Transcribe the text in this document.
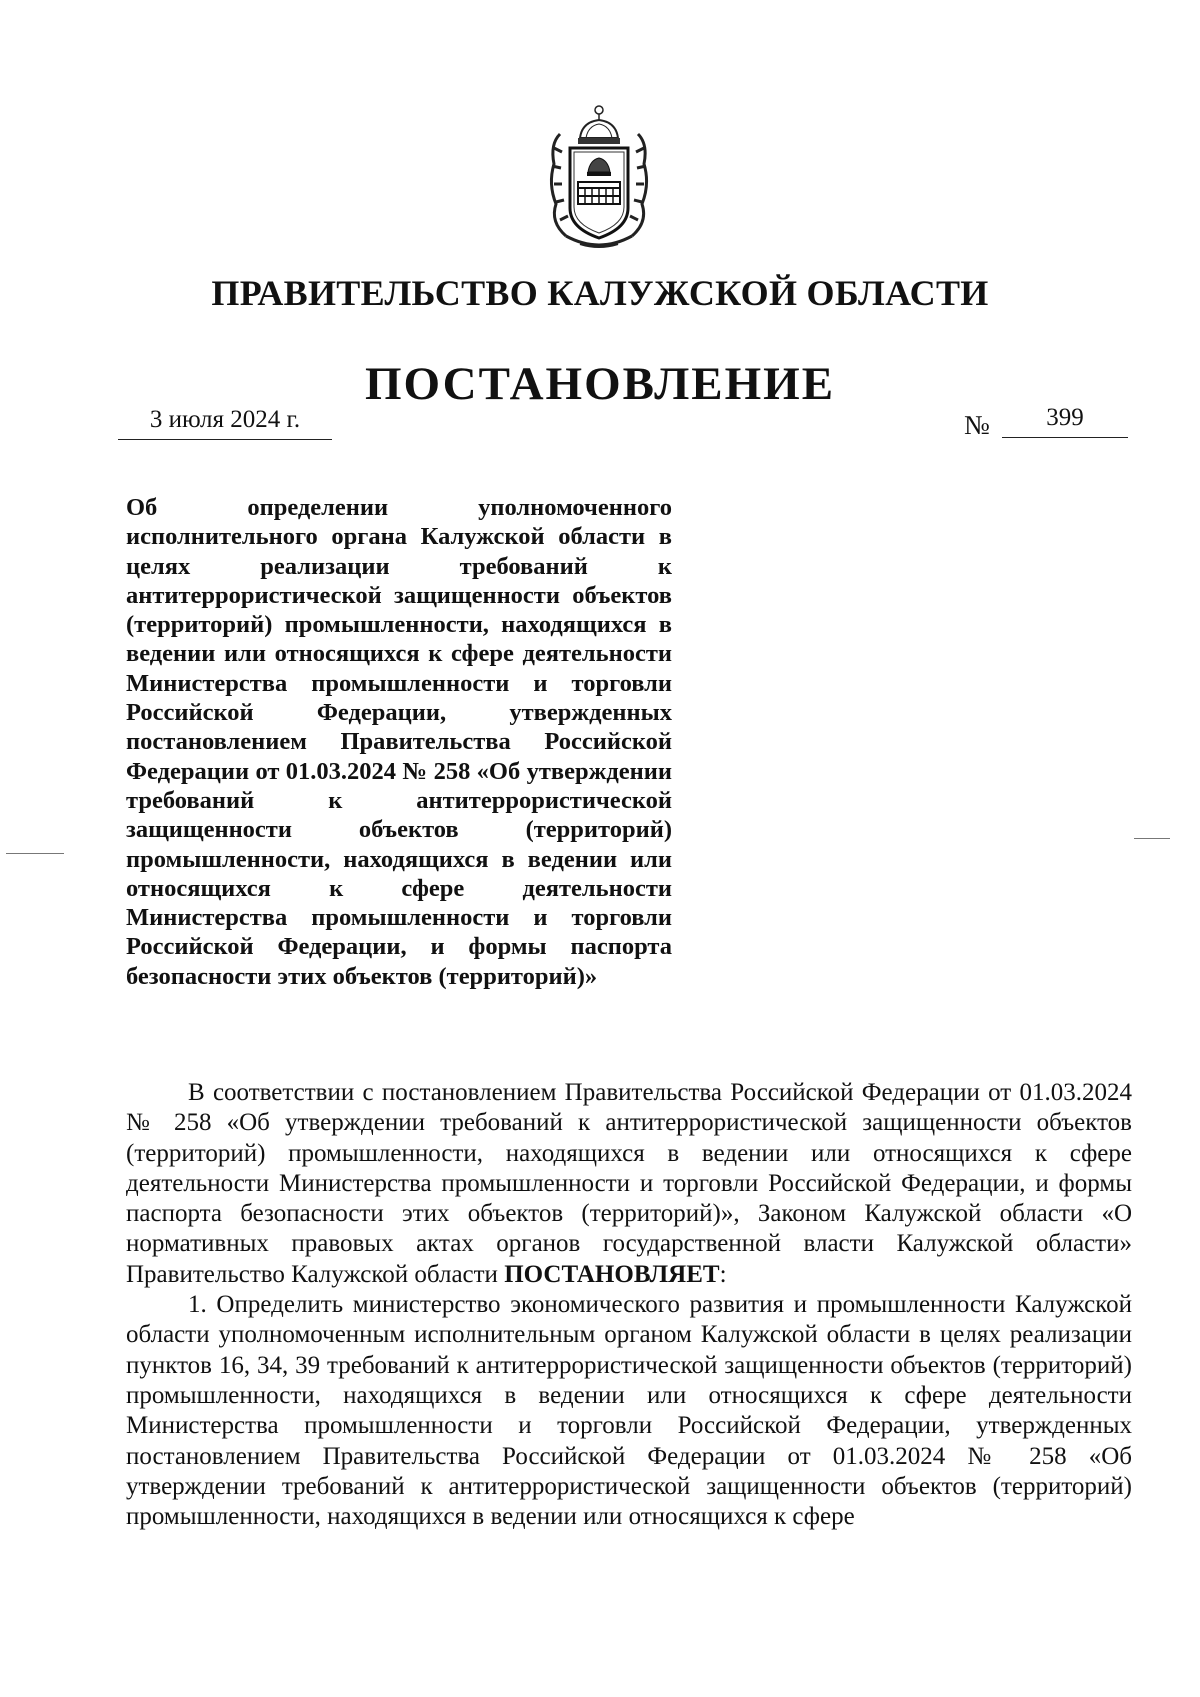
ПРАВИТЕЛЬСТВО КАЛУЖСКОЙ ОБЛАСТИ
ПОСТАНОВЛЕНИЕ
3 июля 2024 г.	№	399
Об определении уполномоченного исполнительного органа Калужской области в целях реализации требований к антитеррористической защищенности объектов (территорий) промышленности, находящихся в ведении или относящихся к сфере деятельности Министерства промышленности и торговли Российской Федерации, утвержденных постановлением Правительства Российской Федерации от 01.03.2024 № 258 «Об утверждении требований к антитеррористической защищенности объектов (территорий) промышленности, находящихся в ведении или относящихся к сфере деятельности Министерства промышленности и торговли Российской Федерации, и формы паспорта безопасности этих объектов (территорий)»

В соответствии с постановлением Правительства Российской Федерации от 01.03.2024 № 258 «Об утверждении требований к антитеррористической защищенности объектов (территорий) промышленности, находящихся в ведении или относящихся к сфере деятельности Министерства промышленности и торговли Российской Федерации, и формы паспорта безопасности этих объектов (территорий)», Законом Калужской области «О нормативных правовых актах органов государственной власти Калужской области» Правительство Калужской области ПОСТАНОВЛЯЕТ:

1. Определить министерство экономического развития и промышленности Калужской области уполномоченным исполнительным органом Калужской области в целях реализации пунктов 16, 34, 39 требований к антитеррористической защищенности объектов (территорий) промышленности, находящихся в ведении или относящихся к сфере деятельности Министерства промышленности и торговли Российской Федерации, утвержденных постановлением Правительства Российской Федерации от 01.03.2024 № 258 «Об утверждении требований к антитеррористической защищенности объектов (территорий) промышленности, находящихся в ведении или относящихся к сфере
